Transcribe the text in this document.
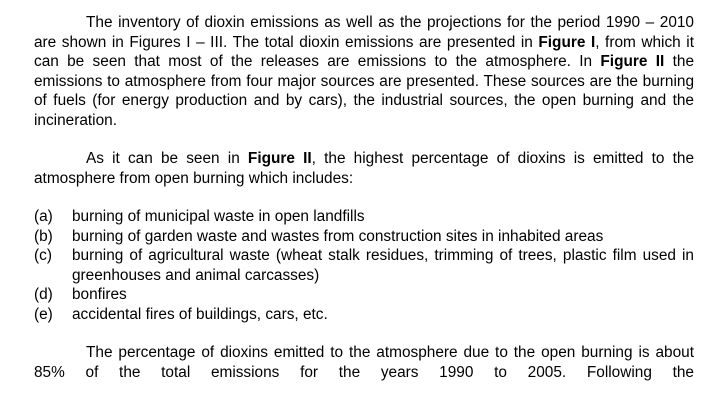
The inventory of dioxin emissions as well as the projections for the period 1990 – 2010 are shown in Figures I – III. The total dioxin emissions are presented in Figure I, from which it can be seen that most of the releases are emissions to the atmosphere. In Figure II the emissions to atmosphere from four major sources are presented. These sources are the burning of fuels (for energy production and by cars), the industrial sources, the open burning and the incineration.

As it can be seen in Figure II, the highest percentage of dioxins is emitted to the atmosphere from open burning which includes:

(a)	burning of municipal waste in open landfills
(b)	burning of garden waste and wastes from construction sites in inhabited areas
(c)	burning of agricultural waste (wheat stalk residues, trimming of trees, plastic film used in greenhouses and animal carcasses)
(d)	bonfires
(e)	accidental fires of buildings, cars, etc.

The percentage of dioxins emitted to the atmosphere due to the open burning is about 85% of the total emissions for the years 1990 to 2005. Following the
